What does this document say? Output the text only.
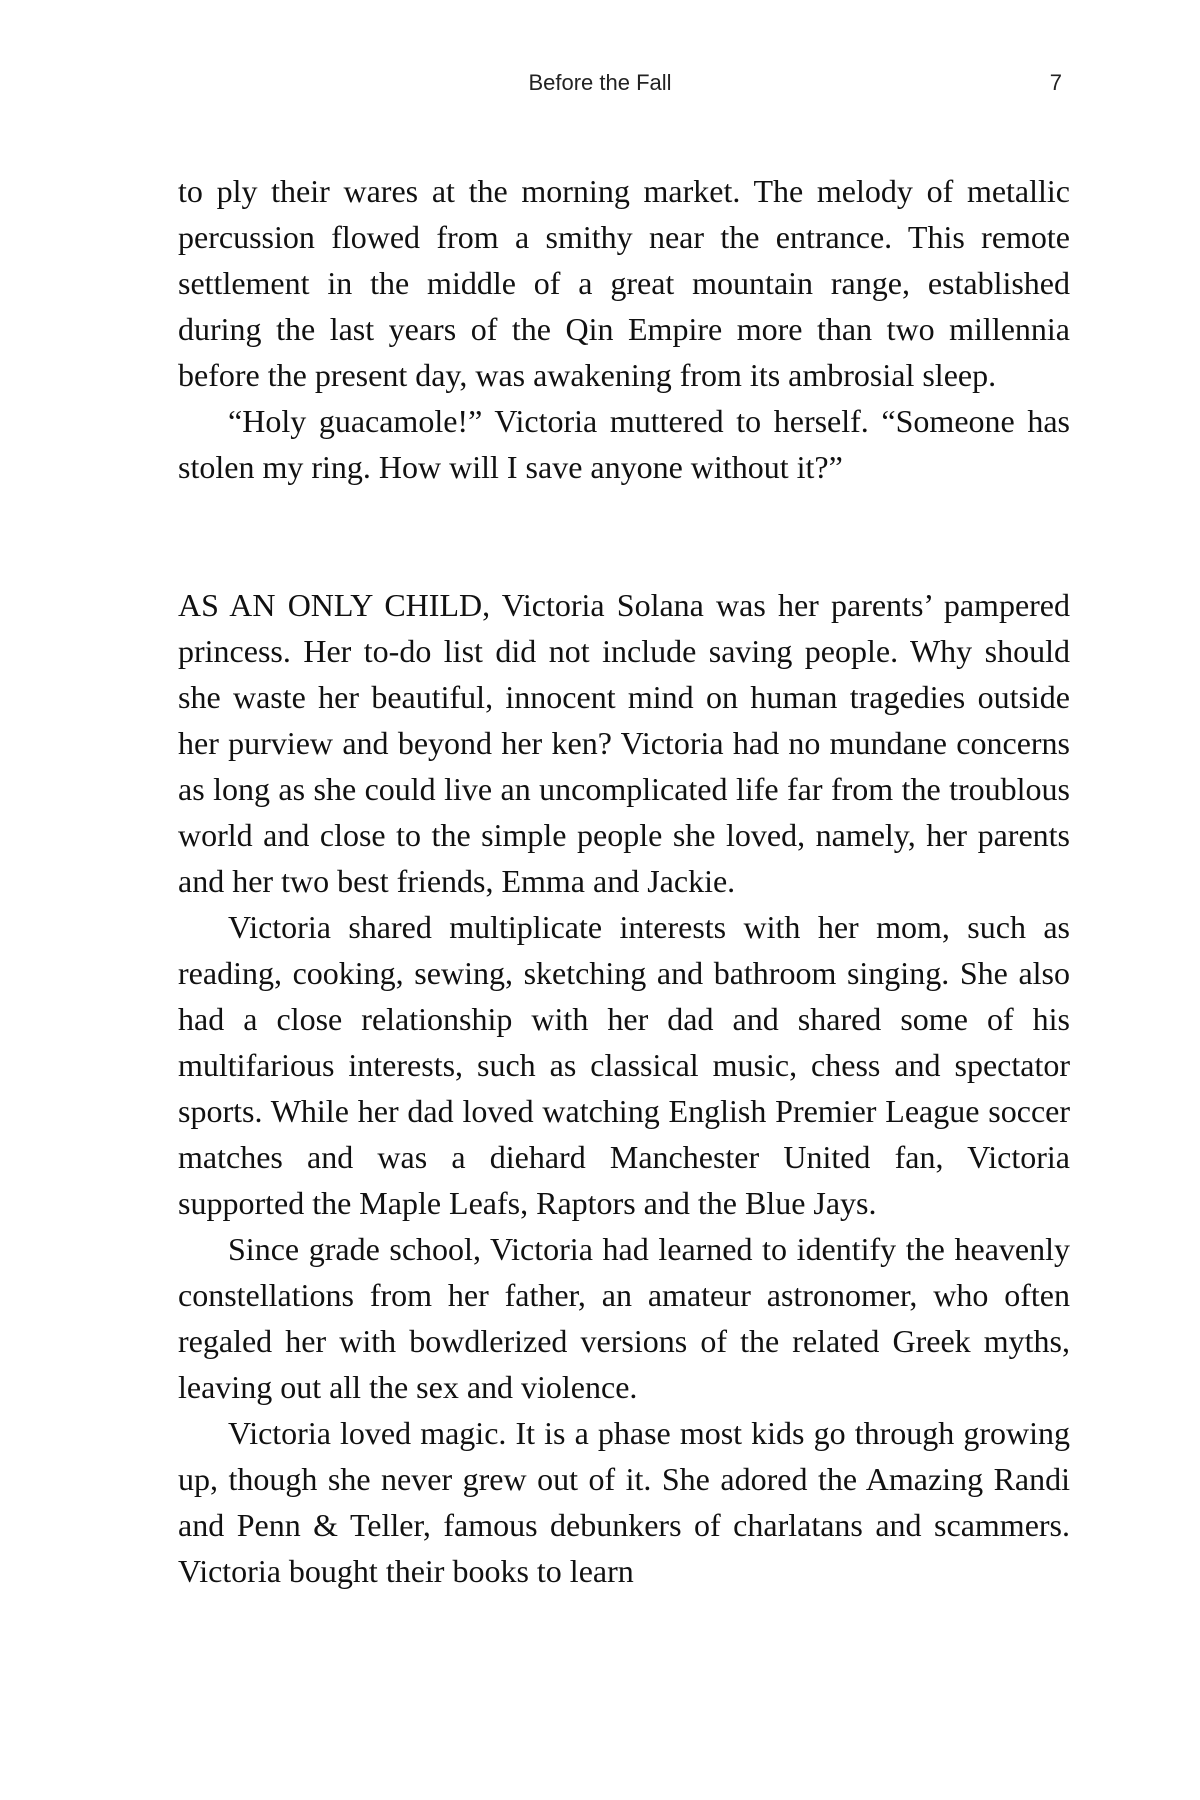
Before the Fall	7

to ply their wares at the morning market. The melody of metallic percussion flowed from a smithy near the entrance. This remote settlement in the middle of a great mountain range, established during the last years of the Qin Empire more than two millennia before the present day, was awakening from its ambrosial sleep.

“Holy guacamole!” Victoria muttered to herself. “Someone has stolen my ring. How will I save anyone without it?”

AS AN ONLY CHILD, Victoria Solana was her parents’ pampered princess. Her to-do list did not include saving people. Why should she waste her beautiful, innocent mind on human tragedies outside her purview and beyond her ken? Victoria had no mundane concerns as long as she could live an uncomplicated life far from the troublous world and close to the simple people she loved, namely, her parents and her two best friends, Emma and Jackie.

Victoria shared multiplicate interests with her mom, such as reading, cooking, sewing, sketching and bathroom singing. She also had a close relationship with her dad and shared some of his multifarious interests, such as classical music, chess and spectator sports. While her dad loved watching English Premier League soccer matches and was a diehard Manchester United fan, Victoria supported the Maple Leafs, Raptors and the Blue Jays.

Since grade school, Victoria had learned to identify the heavenly constellations from her father, an amateur astronomer, who often regaled her with bowdlerized versions of the related Greek myths, leaving out all the sex and violence.

Victoria loved magic. It is a phase most kids go through growing up, though she never grew out of it. She adored the Amazing Randi and Penn & Teller, famous debunkers of charlatans and scammers. Victoria bought their books to learn
